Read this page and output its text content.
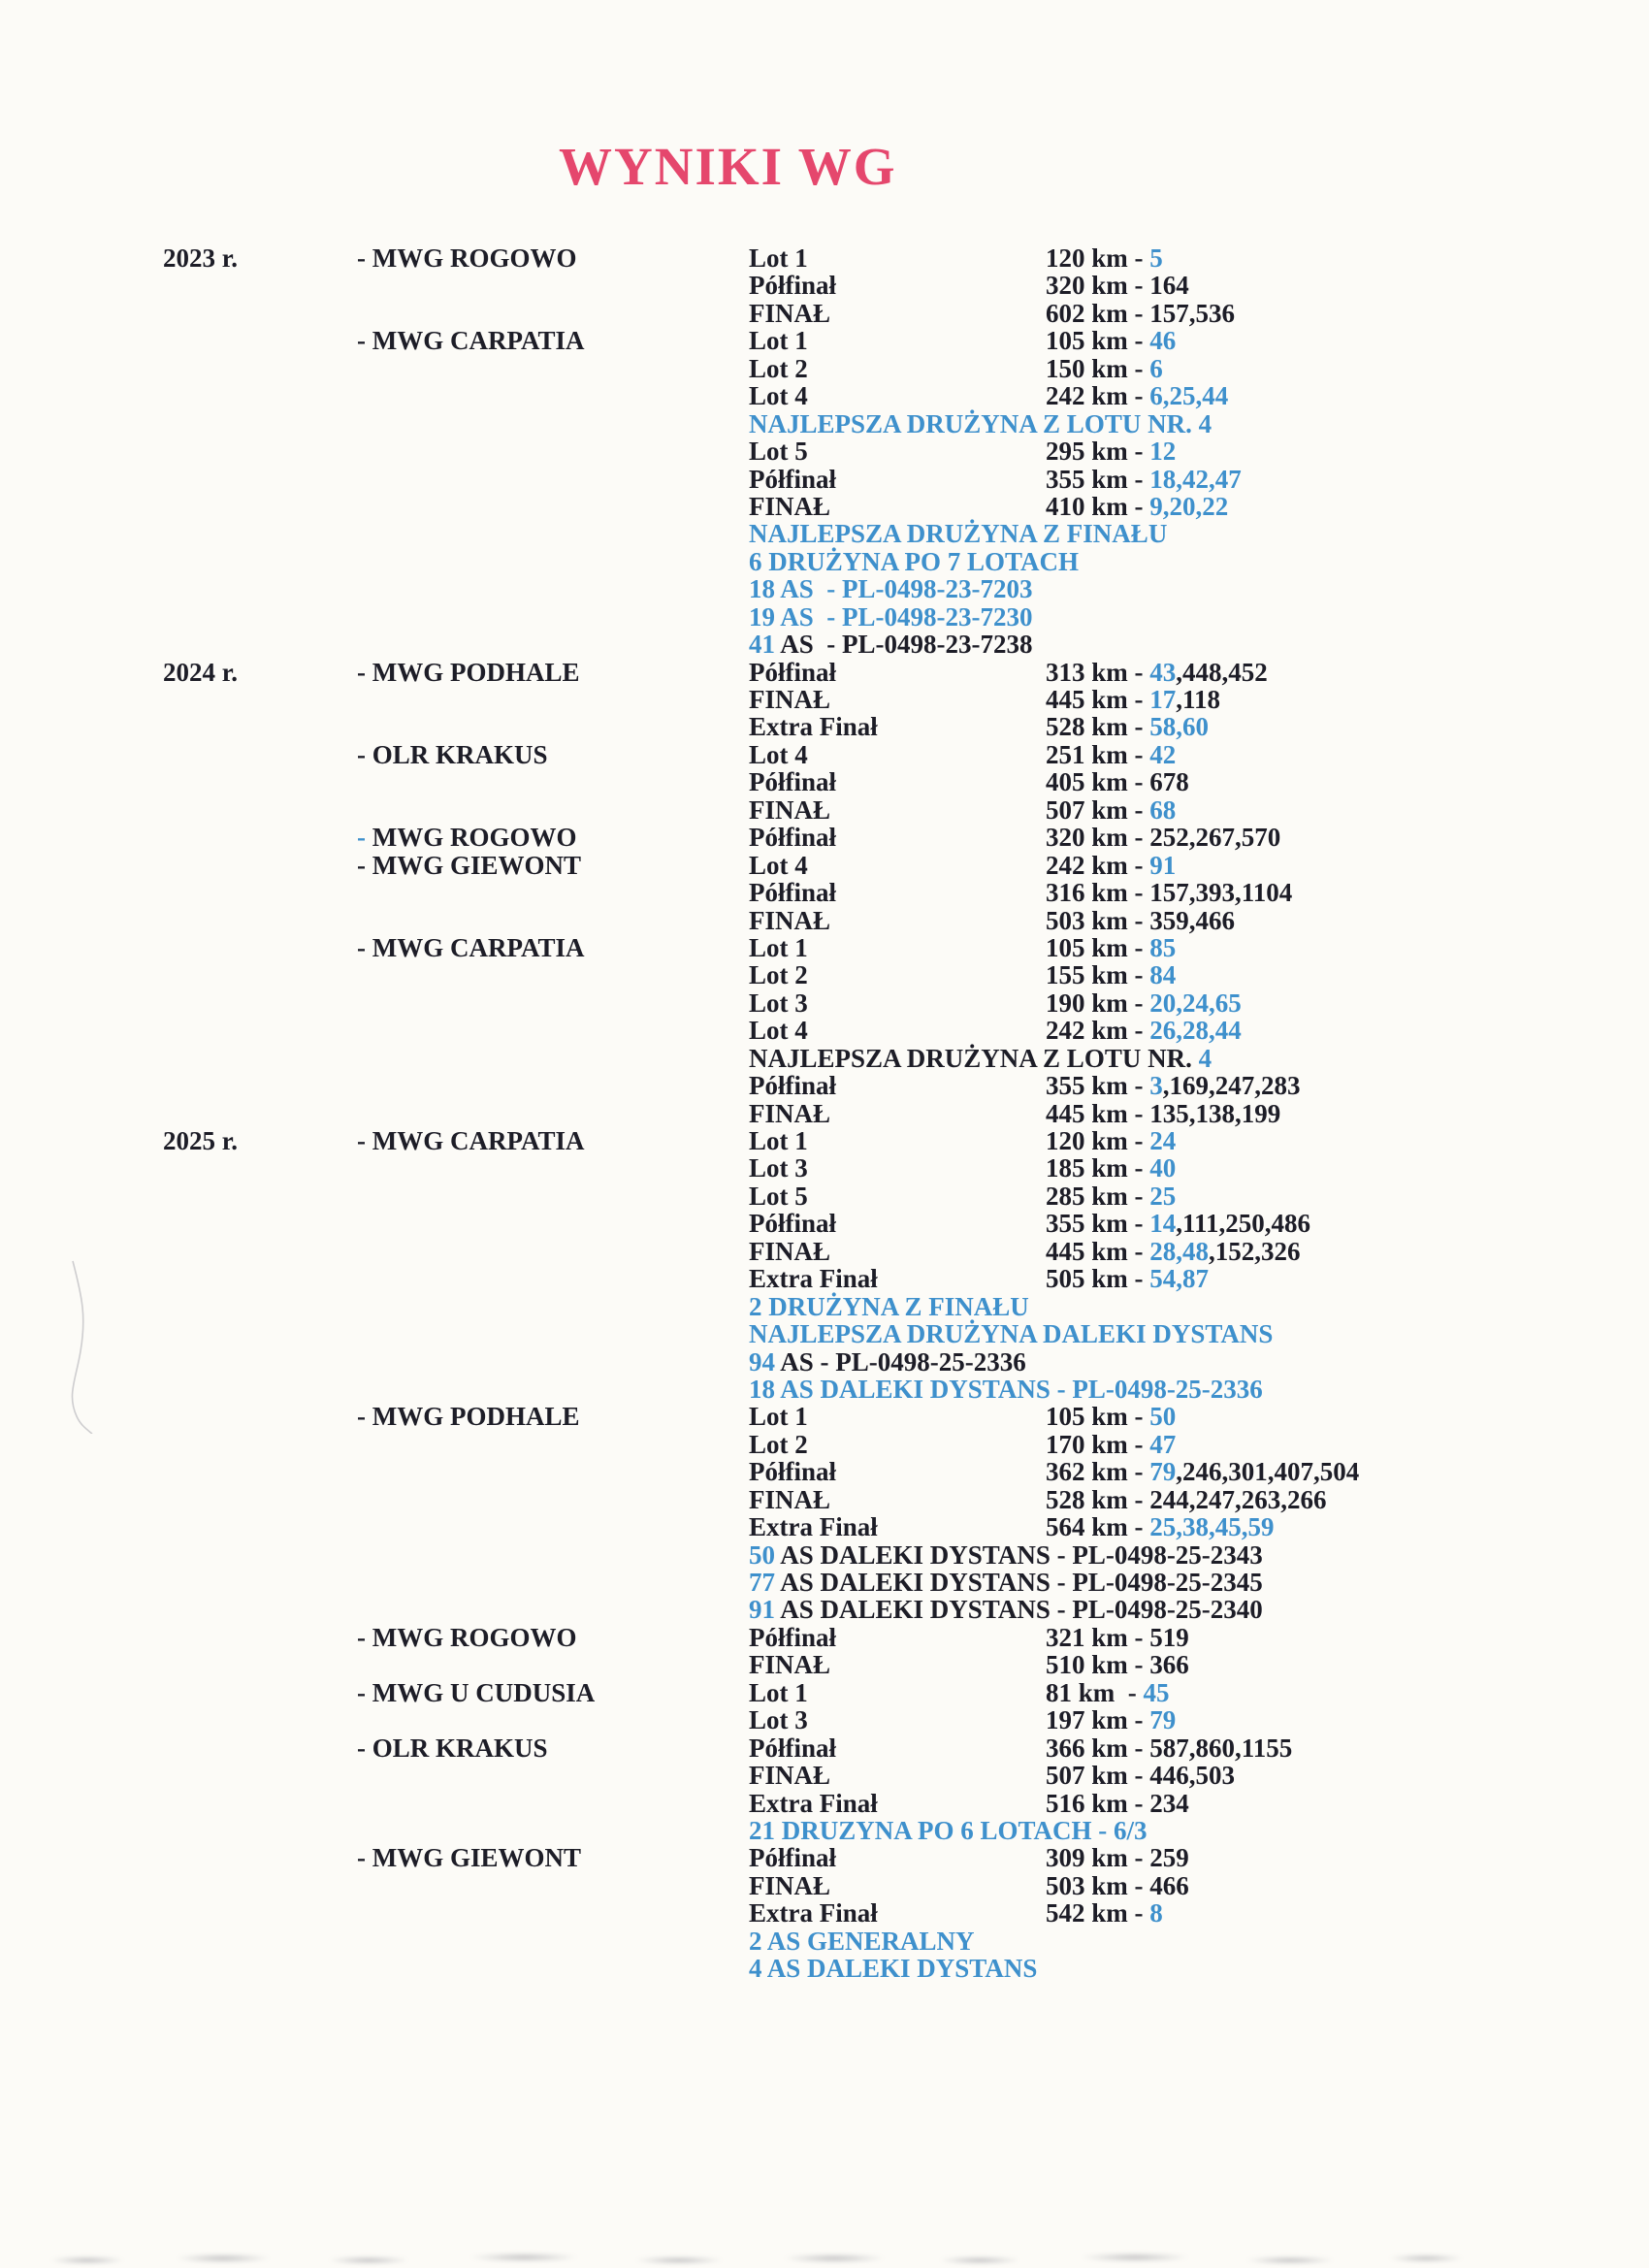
WYNIKI WG
2023 r.	- MWG ROGOWO	Lot 1	120 km - 5
Półfinał	320 km - 164
FINAŁ	602 km - 157,536
- MWG CARPATIA	Lot 1	105 km - 46
Lot 2	150 km - 6
Lot 4	242 km - 6,25,44
NAJLEPSZA DRUŻYNA Z LOTU NR. 4
Lot 5	295 km - 12
Półfinał	355 km - 18,42,47
FINAŁ	410 km - 9,20,22
NAJLEPSZA DRUŻYNA Z FINAŁU
6 DRUŻYNA PO 7 LOTACH
18 AS  - PL-0498-23-7203
19 AS  - PL-0498-23-7230
41 AS  - PL-0498-23-7238
2024 r.	- MWG PODHALE	Półfinał	313 km - 43,448,452
FINAŁ	445 km - 17,118
Extra Finał	528 km - 58,60
- OLR KRAKUS	Lot 4	251 km - 42
Półfinał	405 km - 678
FINAŁ	507 km - 68
- MWG ROGOWO	Półfinał	320 km - 252,267,570
- MWG GIEWONT	Lot 4	242 km - 91
Półfinał	316 km - 157,393,1104
FINAŁ	503 km - 359,466
- MWG CARPATIA	Lot 1	105 km - 85
Lot 2	155 km - 84
Lot 3	190 km - 20,24,65
Lot 4	242 km - 26,28,44
NAJLEPSZA DRUŻYNA Z LOTU NR. 4
Półfinał	355 km - 3,169,247,283
FINAŁ	445 km - 135,138,199
2025 r.	- MWG CARPATIA	Lot 1	120 km - 24
Lot 3	185 km - 40
Lot 5	285 km - 25
Półfinał	355 km - 14,111,250,486
FINAŁ	445 km - 28,48,152,326
Extra Finał	505 km - 54,87
2 DRUŻYNA Z FINAŁU
NAJLEPSZA DRUŻYNA DALEKI DYSTANS
94 AS - PL-0498-25-2336
18 AS DALEKI DYSTANS - PL-0498-25-2336
- MWG PODHALE	Lot 1	105 km - 50
Lot 2	170 km - 47
Półfinał	362 km - 79,246,301,407,504
FINAŁ	528 km - 244,247,263,266
Extra Finał	564 km - 25,38,45,59
50 AS DALEKI DYSTANS - PL-0498-25-2343
77 AS DALEKI DYSTANS - PL-0498-25-2345
91 AS DALEKI DYSTANS - PL-0498-25-2340
- MWG ROGOWO	Półfinał	321 km - 519
FINAŁ	510 km - 366
- MWG U CUDUSIA	Lot 1	81 km  - 45
Lot 3	197 km - 79
- OLR KRAKUS	Półfinał	366 km - 587,860,1155
FINAŁ	507 km - 446,503
Extra Finał	516 km - 234
21 DRUZYNA PO 6 LOTACH - 6/3
- MWG GIEWONT	Półfinał	309 km - 259
FINAŁ	503 km - 466
Extra Finał	542 km - 8
2 AS GENERALNY
4 AS DALEKI DYSTANS
